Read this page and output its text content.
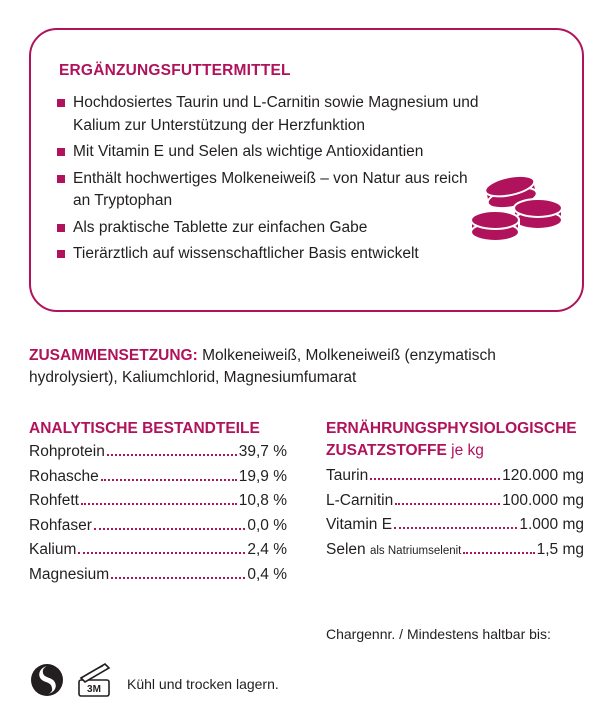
ERGÄNZUNGSFUTTERMITTEL
Hochdosiertes Taurin und L-Carnitin sowie Magnesium und Kalium zur Unterstützung der Herzfunktion
Mit Vitamin E und Selen als wichtige Antioxidantien
Enthält hochwertiges Molkeneiweiß – von Natur aus reich an Tryptophan
Als praktische Tablette zur einfachen Gabe
Tierärztlich auf wissenschaftlicher Basis entwickelt
ZUSAMMENSETZUNG: Molkeneiweiß, Molkeneiweiß (enzymatisch hydrolysiert), Kaliumchlorid, Magnesiumfumarat
ANALYTISCHE BESTANDTEILE
Rohprotein	39,7 %
Rohasche	19,9 %
Rohfett	10,8 %
Rohfaser	0,0 %
Kalium	2,4 %
Magnesium	0,4 %
ERNÄHRUNGSPHYSIOLOGISCHE
ZUSATZSTOFFE je kg
Taurin	120.000 mg
L-Carnitin	100.000 mg
Vitamin E	1.000 mg
Selen als Natriumselenit	1,5 mg
Chargennr. / Mindestens haltbar bis:
3M Kühl und trocken lagern.
